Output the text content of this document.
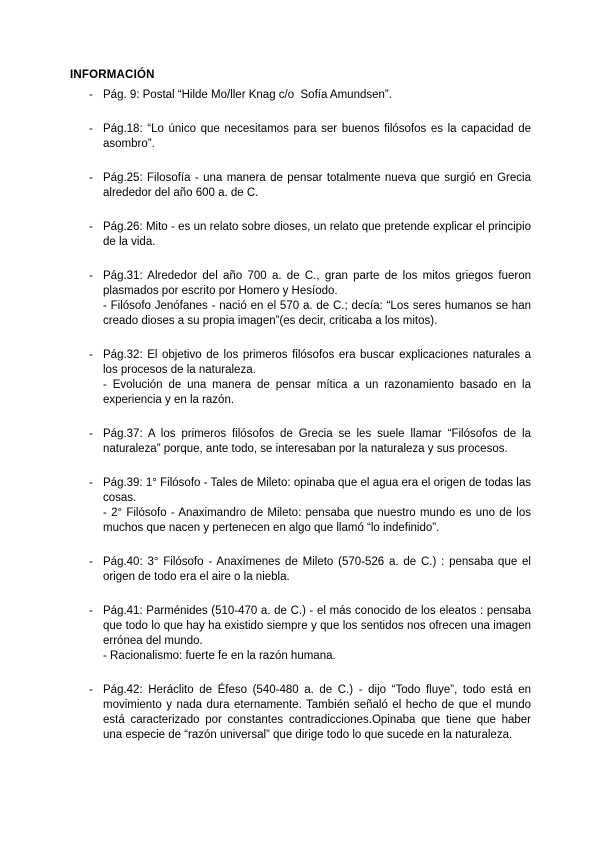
INFORMACIÓN
- Pág. 9: Postal “Hilde Mo/ller Knag c/o  Sofía Amundsen”.

- Pág.18: “Lo único que necesitamos para ser buenos filósofos es la capacidad de asombro”.

- Pág.25: Filosofía - una manera de pensar totalmente nueva que surgió en Grecia alrededor del año 600 a. de C.

- Pág.26: Mito - es un relato sobre dioses, un relato que pretende explicar el principio de la vida.

- Pág.31: Alrededor del año 700 a. de C., gran parte de los mitos griegos fueron plasmados por escrito por Homero y Hesíodo.

- Filósofo Jenófanes - nació en el 570 a. de C.; decía: “Los seres humanos se han creado dioses a su propia imagen”(es decir, criticaba a los mitos).

- Pág.32: El objetivo de los primeros filósofos era buscar explicaciones naturales a los procesos de la naturaleza.

- Evolución de una manera de pensar mítica a un razonamiento basado en la experiencia y en la razón.

- Pág.37: A los primeros filósofos de Grecia se les suele llamar “Filósofos de la naturaleza” porque, ante todo, se interesaban por la naturaleza y sus procesos.

- Pág.39: 1° Filósofo - Tales de Mileto: opinaba que el agua era el origen de todas las cosas.

- 2° Filósofo - Anaximandro de Mileto: pensaba que nuestro mundo es uno de los muchos que nacen y pertenecen en algo que llamó “lo indefinido”.

- Pág.40: 3° Filósofo - Anaxímenes de Mileto (570-526 a. de C.) : pensaba que el origen de todo era el aire o la niebla.

- Pág.41: Parménides (510-470 a. de C.) - el más conocido de los eleatos : pensaba que todo lo que hay ha existido siempre y que los sentidos nos ofrecen una imagen errónea del mundo.

- Racionalismo: fuerte fe en la razón humana.

- Pág.42: Heráclito de Éfeso (540-480 a. de C.) - dijo “Todo fluye”, todo está en movimiento y nada dura eternamente. También señaló el hecho de que el mundo está caracterizado por constantes contradicciones.Opinaba que tiene que haber una especie de “razón universal” que dirige todo lo que sucede en la naturaleza.
